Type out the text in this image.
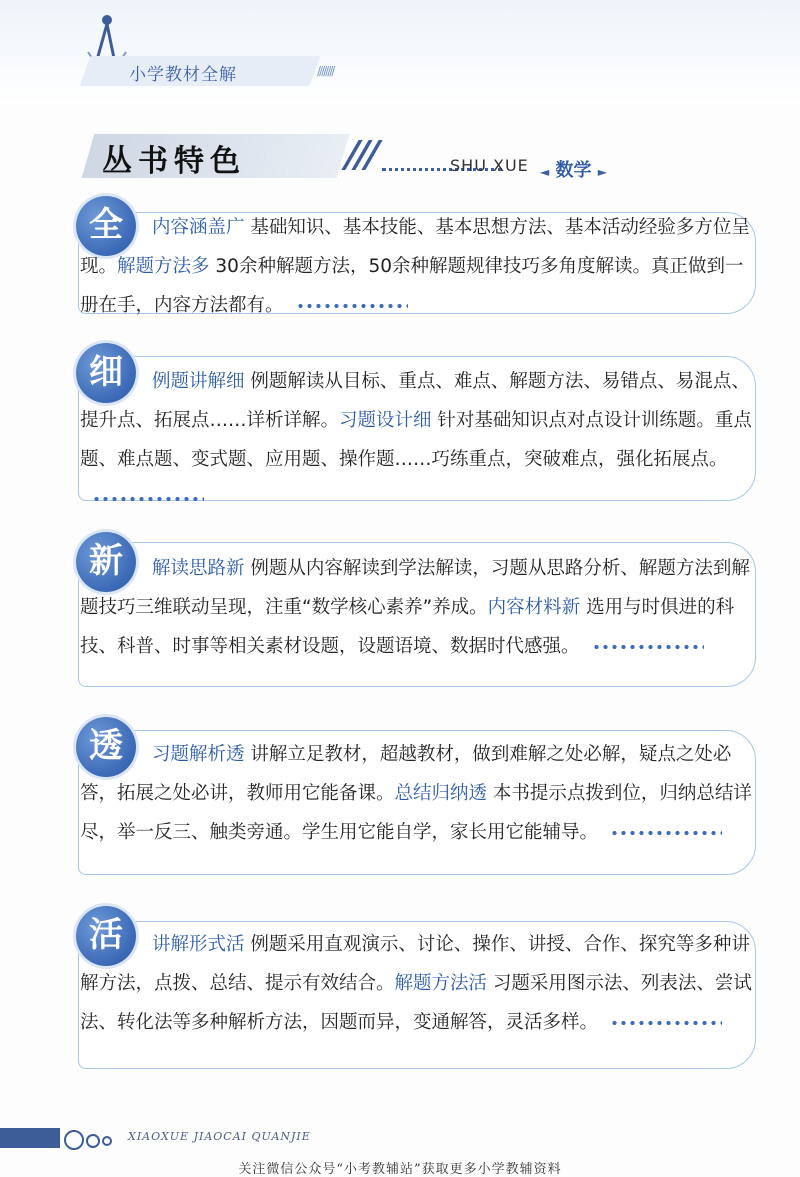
小学教材全解	////////
丛书特色	SHU XUE ◄ 数学 ►
全	内容涵盖广 基础知识、基本技能、基本思想方法、基本活动经验多方位呈现。解题方法多 30余种解题方法，50余种解题规律技巧多角度解读。真正做到一册在手，内容方法都有。
细	例题讲解细 例题解读从目标、重点、难点、解题方法、易错点、易混点、提升点、拓展点……详析详解。习题设计细 针对基础知识点对点设计训练题。重点题、难点题、变式题、应用题、操作题……巧练重点，突破难点，强化拓展点。
新	解读思路新 例题从内容解读到学法解读，习题从思路分析、解题方法到解题技巧三维联动呈现，注重“数学核心素养”养成。内容材料新 选用与时俱进的科技、科普、时事等相关素材设题，设题语境、数据时代感强。
透	习题解析透 讲解立足教材，超越教材，做到难解之处必解，疑点之处必答，拓展之处必讲，教师用它能备课。总结归纳透 本书提示点拨到位，归纳总结详尽，举一反三、触类旁通。学生用它能自学，家长用它能辅导。
活	讲解形式活 例题采用直观演示、讨论、操作、讲授、合作、探究等多种讲解方法，点拨、总结、提示有效结合。解题方法活 习题采用图示法、列表法、尝试法、转化法等多种解析方法，因题而异，变通解答，灵活多样。
XIAOXUE JIAOCAI QUANJIE
关注微信公众号“小考教辅站”获取更多小学教辅资料
